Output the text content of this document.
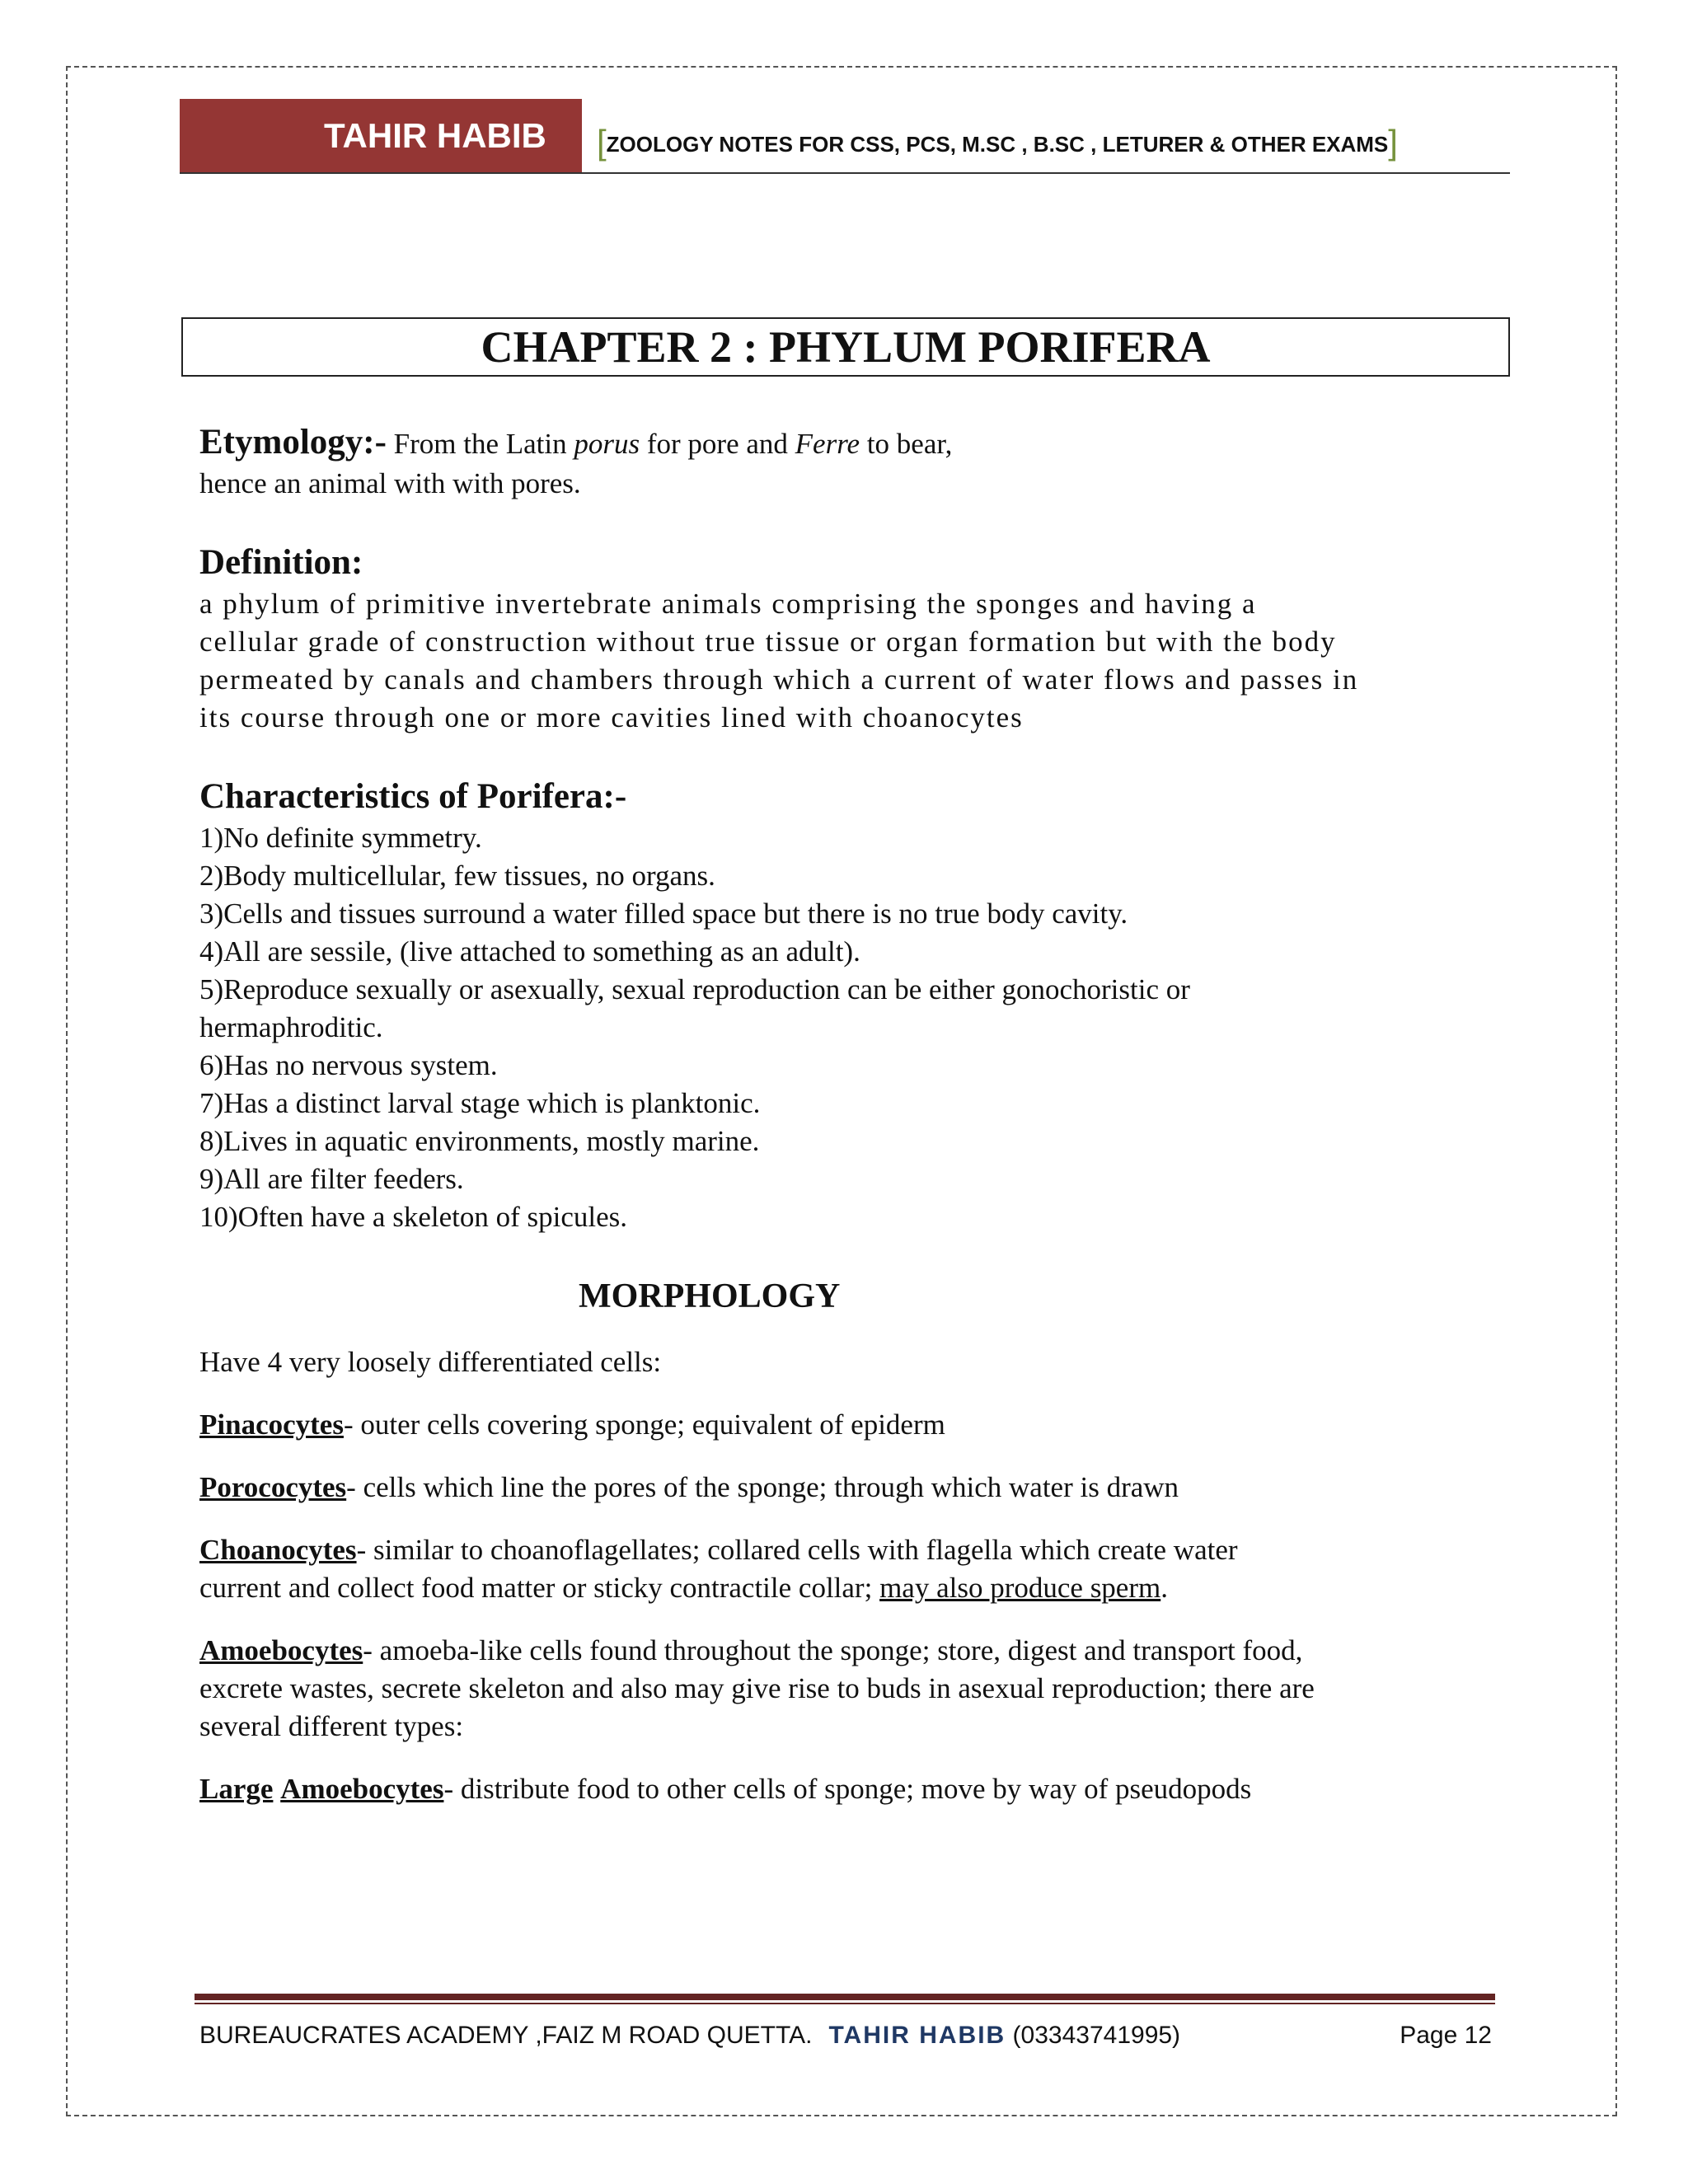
TAHIR HABIB	[ZOOLOGY NOTES FOR CSS, PCS, M.SC , B.SC , LETURER & OTHER EXAMS]
CHAPTER 2 : PHYLUM PORIFERA
Etymology:- From the Latin porus for pore and Ferre to bear,
hence an animal with with pores.
Definition:
a phylum of primitive invertebrate animals comprising the sponges and having a
cellular grade of construction without true tissue or organ formation but with the body
permeated by canals and chambers through which a current of water flows and passes in
its course through one or more cavities lined with choanocytes
Characteristics of Porifera:-
1)No definite symmetry.
2)Body multicellular, few tissues, no organs.
3)Cells and tissues surround a water filled space but there is no true body cavity.
4)All are sessile, (live attached to something as an adult).
5)Reproduce sexually or asexually, sexual reproduction can be either gonochoristic or
hermaphroditic.
6)Has no nervous system.
7)Has a distinct larval stage which is planktonic.
8)Lives in aquatic environments, mostly marine.
9)All are filter feeders.
10)Often have a skeleton of spicules.
MORPHOLOGY
Have 4 very loosely differentiated cells:
Pinacocytes- outer cells covering sponge; equivalent of epiderm
Porococytes- cells which line the pores of the sponge; through which water is drawn
Choanocytes- similar to choanoflagellates; collared cells with flagella which create water
current and collect food matter or sticky contractile collar; may also produce sperm.
Amoebocytes- amoeba-like cells found throughout the sponge; store, digest and transport food,
excrete wastes, secrete skeleton and also may give rise to buds in asexual reproduction; there are
several different types:
Large Amoebocytes- distribute food to other cells of sponge; move by way of pseudopods
BUREAUCRATES ACADEMY ,FAIZ M ROAD QUETTA. TAHIR HABIB (03343741995)	Page 12
